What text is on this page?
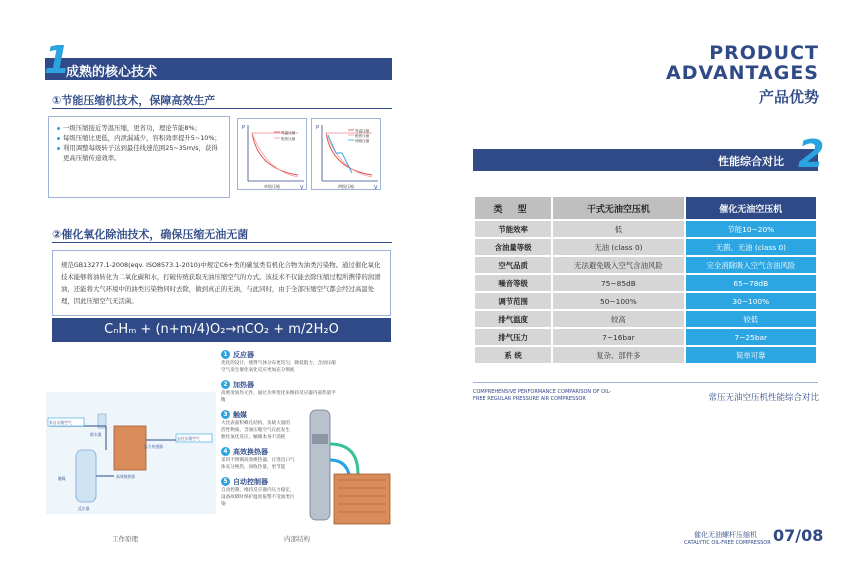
1
成熟的核心技术
①节能压缩机技术，保障高效生产
一级压缩接近等温压缩，更省功，理论节能8%；
每级压缩比更低，内泄漏减少，容积效率提升5~10%；
利用调整每级转子达到最佳线速范围25~35m/s，获得更高压缩传递效率。
P
V
等温压缩
绝热压缩
单级压缩
P
V
等温压缩
绝热压缩
两级压缩
两级压缩
②催化氧化除油技术，确保压缩无油无菌

规范GB13277.1-2008(eqv. ISO8573.1-2010)中规定C6+类的碳氢类有机化合物为油类污染物。通过催化氧化技术能够将油转化为二氧化碳和水，打破传统获取无油压缩空气的方式。该技术不仅能去除压缩过程所携带的润滑油，还能将大气环境中的油类污染物同时去除，做到真正的无油，与此同时，由于全部压缩空气都会经过高温处理，因此压缩空气无活菌。

CₙHₘ + (n+m/4)O₂→nCO₂ + m/2H₂O
来自压缩空气
除水器
高效换热器
压力传感器
反应器
去往压缩空气
触媒
工作原理	内部结构
1 反应器
优化的设计，使得气体分布更均匀，降低阻力，含油压缩空气发生催化氧化反应更加充分彻底
2 加热器
高密度加热元件，通过功率变化来维持反应器内部热量平衡
3 触媒
大比表面积蜂孔结构，负载大量的活性物质，含油压缩空气在此发生催化氧化反应，触媒本身不消耗
4 高效换热器
采用不锈钢高效换热器，让进出口气体充分换热，回收热量，更节能
5 自动控制器
自动控制，维持反应器内压力稳定，设备故障时保护温度报警不受油类污染
PRODUCT
ADVANTAGES
产品优势
性能综合对比 2
类 型	干式无油空压机	催化无油空压机
节能效率	低	节能10~20%
含油量等级	无油 (class 0)	无菌、无油 (class 0)
空气品质	无法避免吸入空气含油风险	完全消除吸入空气含油风险
噪音等级	75~85dB	65~78dB
调节范围	50~100%	30~100%
排气温度	较高	较低
排气压力	7~16bar	7~25bar
系 统	复杂、部件多	简单可靠
COMPREHENSIVE PERFORMANCE COMPARISON OF OIL-FREE REGULAR PRESSURE AIR COMPRESSOR	常压无油空压机性能综合对比
催化无油螺杆压缩机
CATALYTIC OIL-FREE COMPRESSOR 07/08
